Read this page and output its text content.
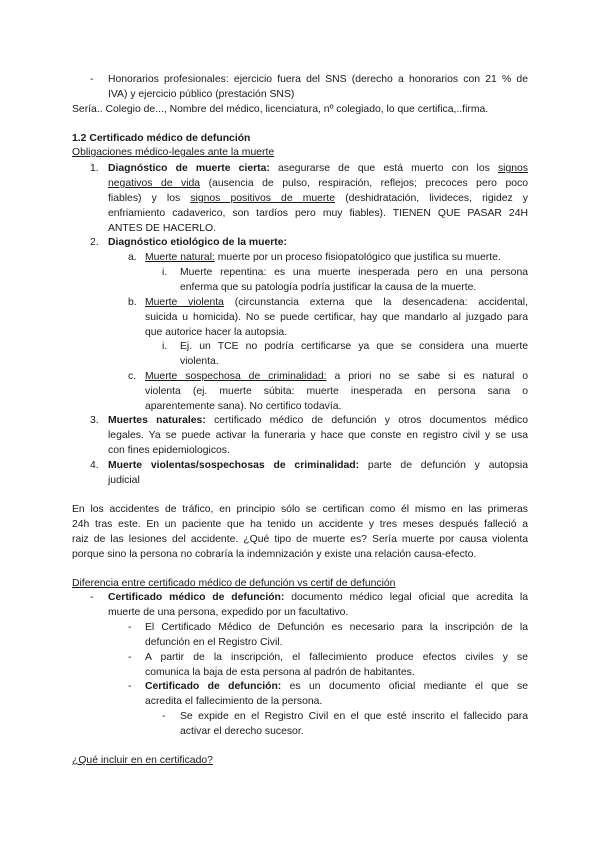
- Honorarios profesionales: ejercicio fuera del SNS (derecho a honorarios con 21 % de
IVA) y ejercicio público (prestación SNS)
Sería.. Colegio de..., Nombre del médico, licenciatura, nº colegiado, lo que certifica,..firma.
1.2 Certificado médico de defunción
Obligaciones médico-legales ante la muerte
1. Diagnóstico de muerte cierta: asegurarse de que está muerto con los signos
negativos de vida (ausencia de pulso, respiración, reflejos; precoces pero poco
fiables) y los signos positivos de muerte (deshidratación, livideces, rigidez y
enfriamiento cadaverico, son tardíos pero muy fiables). TIENEN QUE PASAR 24H
ANTES DE HACERLO.
2. Diagnóstico etiológico de la muerte:
a. Muerte natural: muerte por un proceso fisiopatológico que justifica su muerte.
i. Muerte repentina: es una muerte inesperada pero en una persona
enferma que su patología podría justificar la causa de la muerte.
b. Muerte violenta (circunstancia externa que la desencadena: accidental,
suicida u homicida). No se puede certificar, hay que mandarlo al juzgado para
que autorice hacer la autopsia.
i. Ej. un TCE no podría certificarse ya que se considera una muerte
violenta.
c. Muerte sospechosa de criminalidad: a priori no se sabe si es natural o
violenta (ej. muerte súbita: muerte inesperada en persona sana o
aparentemente sana). No certifico todavía.
3. Muertes naturales: certificado médico de defunción y otros documentos médico
legales. Ya se puede activar la funeraria y hace que conste en registro civil y se usa
con fines epidemiologicos.
4. Muerte violentas/sospechosas de criminalidad: parte de defunción y autopsia
judicial
En los accidentes de tráfico, en principio sólo se certifican como él mismo en las primeras
24h tras este. En un paciente que ha tenido un accidente y tres meses después falleció a
raiz de las lesiones del accidente. ¿Qué tipo de muerte es? Sería muerte por causa violenta
porque sino la persona no cobraría la indemnización y existe una relación causa-efecto.
Diferencia entre certificado médico de defunción vs certif de defunción
- Certificado médico de defunción: documento médico legal oficial que acredita la
muerte de una persona, expedido por un facultativo.
- El Certificado Médico de Defunción es necesario para la inscripción de la
defunción en el Registro Civil.
- A partir de la inscripción, el fallecimiento produce efectos civiles y se
comunica la baja de esta persona al padrón de habitantes.
- Certificado de defunción: es un documento oficial mediante el que se
acredita el fallecimiento de la persona.
- Se expide en el Registro Civil en el que esté inscrito el fallecido para
activar el derecho sucesor.
¿Qué incluir en en certificado?
